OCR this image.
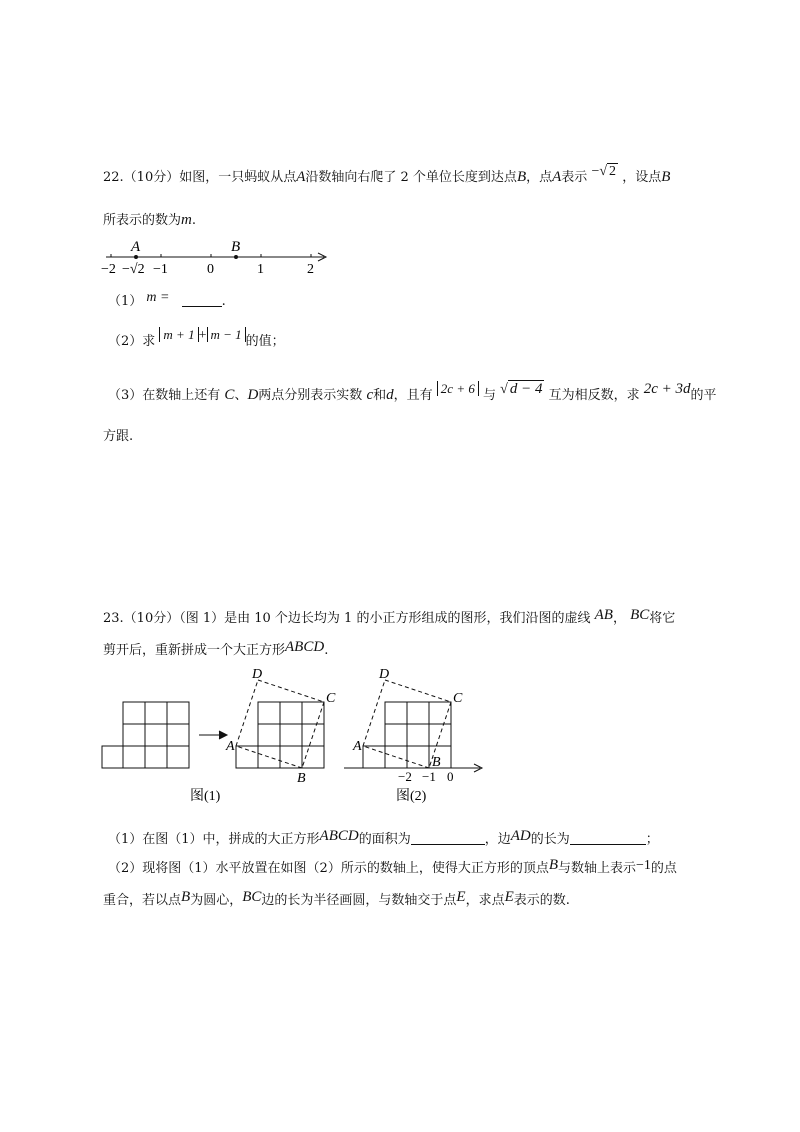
22.（10分）如图，一只蚂蚁从点A沿数轴向右爬了 2 个单位长度到达点B，点A表示 −√ 2 ，设点B
所表示的数为m.
A	B
−2 −√2 −1	0	1	2
（1） m =	.
（2）求 m + 1 + m − 1 的值；
（3）在数轴上还有 C、D两点分别表示实数 c和d，且有 2c + 6 与 √ d − 4 互为相反数，求 2c + 3d的平
方跟.
23.（10分）（图 1）是由 10 个边长均为 1 的小正方形组成的图形，我们沿图的虚线 AB， BC将它
剪开后，重新拼成一个大正方形ABCD.
D
C
A
B
图(1)
D
C
A
B
−2 −1 0
图(2)
（1）在图（1）中，拼成的大正方形ABCD的面积为	，边AD的长为	；
（2）现将图（1）水平放置在如图（2）所示的数轴上，使得大正方形的顶点B与数轴上表示−1的点
重合，若以点B为圆心，BC边的长为半径画圆，与数轴交于点E，求点E表示的数.
